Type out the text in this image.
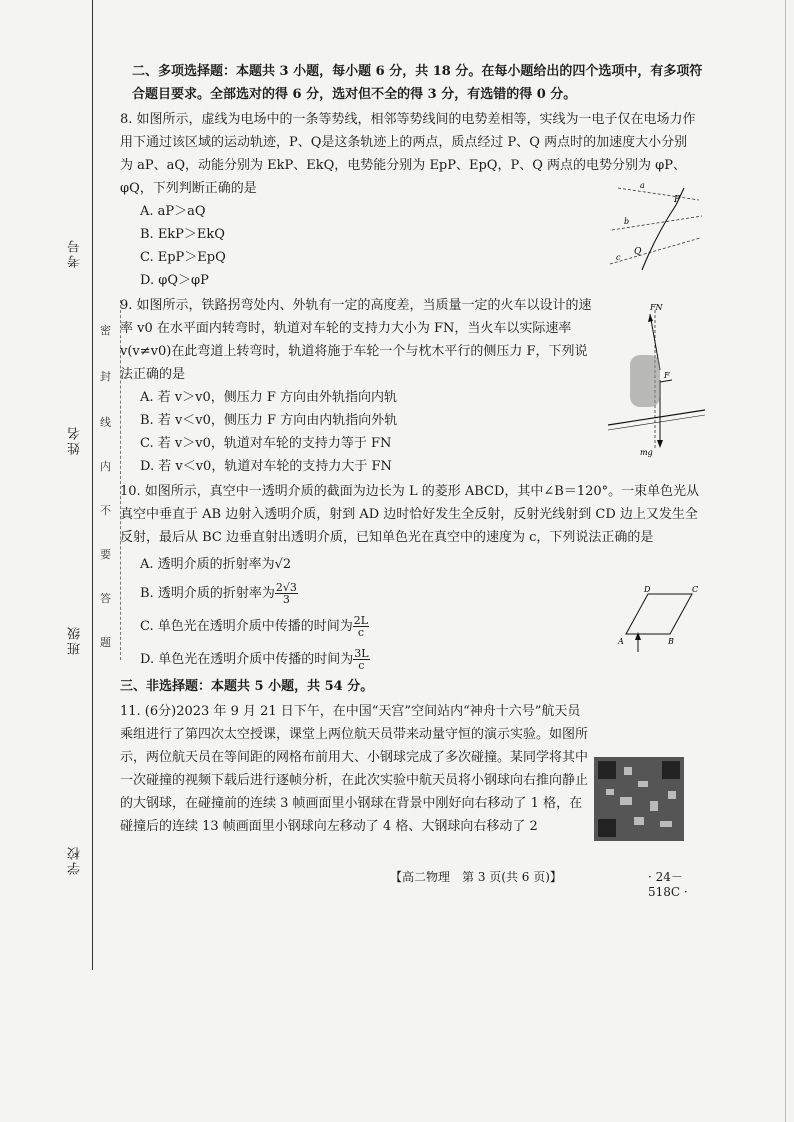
考号
姓名
班级
学校
密
封
线
内
不
要
答
题

二、多项选择题：本题共 3 小题，每小题 6 分，共 18 分。在每小题给出的四个选项中，有多项符合题目要求。全部选对的得 6 分，选对但不全的得 3 分，有选错的得 0 分。

8. 如图所示，虚线为电场中的一条等势线，相邻等势线间的电势差相等，实线为一电子仅在电场力作用下通过该区域的运动轨迹，P、Q是这条轨迹上的两点，质点经过 P、Q 两点时的加速度大小分别为 aP、aQ，动能分别为 EkP、EkQ，电势能分别为 EpP、EpQ，P、Q 两点的电势分别为 φP、φQ，下列判断正确的是

A. aP＞aQ

B. EkP＞EkQ

C. EpP＞EpQ

D. φQ＞φP

9. 如图所示，铁路拐弯处内、外轨有一定的高度差，当质量一定的火车以设计的速率 v0 在水平面内转弯时，轨道对车轮的支持力大小为 FN，当火车以实际速率 v(v≠v0)在此弯道上转弯时，轨道将施于车轮一个与枕木平行的侧压力 F，下列说法正确的是

A. 若 v＞v0，侧压力 F 方向由外轨指向内轨

B. 若 v＜v0，侧压力 F 方向由内轨指向外轨

C. 若 v＞v0，轨道对车轮的支持力等于 FN

D. 若 v＜v0，轨道对车轮的支持力大于 FN

10. 如图所示，真空中一透明介质的截面为边长为 L 的菱形 ABCD，其中∠B＝120°。一束单色光从真空中垂直于 AB 边射入透明介质，射到 AD 边时恰好发生全反射，反射光线射到 CD 边上又发生全反射，最后从 BC 边垂直射出透明介质，已知单色光在真空中的速度为 c，下列说法正确的是

A. 透明介质的折射率为√2

B. 透明介质的折射率为 $\frac{2√3}{3}$

C. 单色光在透明介质中传播的时间为 $\frac{2L}{c}$

D. 单色光在透明介质中传播的时间为 $\frac{3L}{c}$

三、非选择题：本题共 5 小题，共 54 分。

11. (6分)2023 年 9 月 21 日下午，在中国“天宫”空间站内“神舟十六号”航天员乘组进行了第四次太空授课，课堂上两位航天员带来动量守恒的演示实验。如图所示，两位航天员在等间距的网格布前用大、小钢球完成了多次碰撞。某同学将其中一次碰撞的视频下载后进行逐帧分析，在此次实验中航天员将小钢球向右推向静止的大钢球，在碰撞前的连续 3 帧画面里小钢球在背景中刚好向右移动了 1 格，在碰撞后的连续 13 帧画面里小钢球向左移动了 4 格、大钢球向右移动了 2

a
b
c
P
Q
FN
F
mg
D	C
A	B
【高二物理　第 3 页(共 6 页)】	· 24－518C ·
